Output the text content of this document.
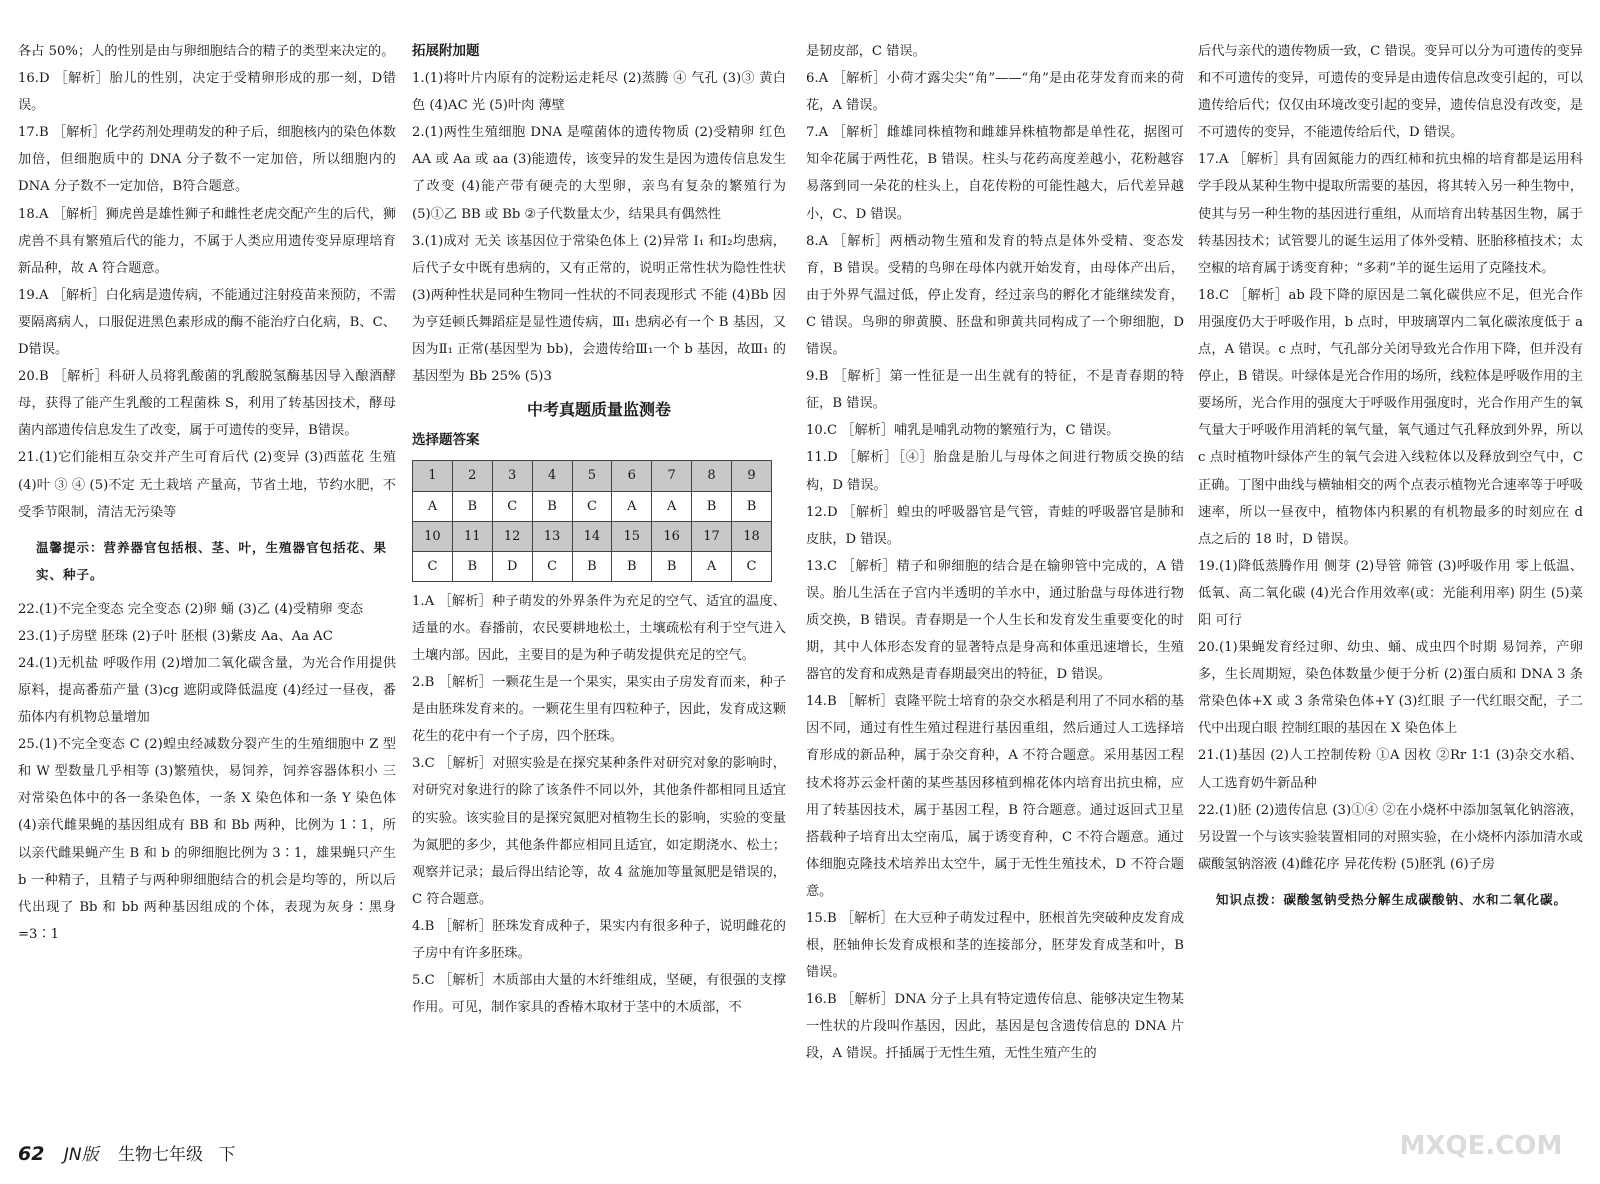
各占 50%；人的性别是由与卵细胞结合的精子的类型来决定的。

16.D ［解析］胎儿的性别，决定于受精卵形成的那一刻，D错误。

17.B ［解析］化学药剂处理萌发的种子后，细胞核内的染色体数加倍，但细胞质中的 DNA 分子数不一定加倍，所以细胞内的 DNA 分子数不一定加倍，B符合题意。

18.A ［解析］狮虎兽是雄性狮子和雌性老虎交配产生的后代，狮虎兽不具有繁殖后代的能力，不属于人类应用遗传变异原理培育新品种，故 A 符合题意。

19.A ［解析］白化病是遗传病，不能通过注射疫苗来预防，不需要隔离病人，口服促进黑色素形成的酶不能治疗白化病，B、C、D错误。

20.B ［解析］科研人员将乳酸菌的乳酸脱氢酶基因导入酿酒酵母，获得了能产生乳酸的工程菌株 S，利用了转基因技术，酵母菌内部遗传信息发生了改变，属于可遗传的变异，B错误。

21.(1)它们能相互杂交并产生可育后代 (2)变异 (3)西蓝花 生殖 (4)叶 ③ ④ (5)不定 无土栽培 产量高，节省土地，节约水肥，不受季节限制，清洁无污染等

温馨提示：营养器官包括根、茎、叶，生殖器官包括花、果实、种子。

22.(1)不完全变态 完全变态 (2)卵 蛹 (3)乙 (4)受精卵 变态

23.(1)子房壁 胚珠 (2)子叶 胚根 (3)紫皮 Aa、Aa AC

24.(1)无机盐 呼吸作用 (2)增加二氧化碳含量，为光合作用提供原料，提高番茄产量 (3)cg 遮阴或降低温度 (4)经过一昼夜，番茄体内有机物总量增加

25.(1)不完全变态 C (2)蝗虫经减数分裂产生的生殖细胞中 Z 型和 W 型数量几乎相等 (3)繁殖快，易饲养，饲养容器体积小 三对常染色体中的各一条染色体，一条 X 染色体和一条 Y 染色体 (4)亲代雌果蝇的基因组成有 BB 和 Bb 两种，比例为 1∶1，所以亲代雌果蝇产生 B 和 b 的卵细胞比例为 3∶1，雄果蝇只产生 b 一种精子，且精子与两种卵细胞结合的机会是均等的，所以后代出现了 Bb 和 bb 两种基因组成的个体，表现为灰身∶黑身=3∶1

拓展附加题

1.(1)将叶片内原有的淀粉运走耗尽 (2)蒸腾 ④ 气孔 (3)③ 黄白色 (4)AC 光 (5)叶肉 薄壁

2.(1)两性生殖细胞 DNA 是噬菌体的遗传物质 (2)受精卵 红色 AA 或 Aa 或 aa (3)能遗传，该变异的发生是因为遗传信息发生了改变 (4)能产带有硬壳的大型卵，亲鸟有复杂的繁殖行为 (5)①乙 BB 或 Bb ②子代数量太少，结果具有偶然性

3.(1)成对 无关 该基因位于常染色体上 (2)异常 Ⅰ₁ 和Ⅰ₂均患病，后代子女中既有患病的，又有正常的，说明正常性状为隐性性状 (3)两种性状是同种生物同一性状的不同表现形式 不能 (4)Bb 因为亨廷顿氏舞蹈症是显性遗传病，Ⅲ₁ 患病必有一个 B 基因，又因为Ⅱ₁ 正常(基因型为 bb)，会遗传给Ⅲ₁一个 b 基因，故Ⅲ₁ 的基因型为 Bb 25% (5)3

中考真题质量监测卷

选择题答案

1	2	3	4	5	6	7	8	9
A	B	C	B	C	A	A	B	B
10	11	12	13	14	15	16	17	18
C	B	D	C	B	B	B	A	C

1.A ［解析］种子萌发的外界条件为充足的空气、适宜的温度、适量的水。春播前，农民要耕地松土，土壤疏松有利于空气进入土壤内部。因此，主要目的是为种子萌发提供充足的空气。

2.B ［解析］一颗花生是一个果实，果实由子房发育而来，种子是由胚珠发育来的。一颗花生里有四粒种子，因此，发育成这颗花生的花中有一个子房，四个胚珠。

3.C ［解析］对照实验是在探究某种条件对研究对象的影响时，对研究对象进行的除了该条件不同以外，其他条件都相同且适宜的实验。该实验目的是探究氮肥对植物生长的影响，实验的变量为氮肥的多少，其他条件都应相同且适宜，如定期浇水、松土；观察并记录；最后得出结论等，故 4 盆施加等量氮肥是错误的，C 符合题意。

4.B ［解析］胚珠发育成种子，果实内有很多种子，说明雌花的子房中有许多胚珠。

5.C ［解析］木质部由大量的木纤维组成，坚硬，有很强的支撑作用。可见，制作家具的香椿木取材于茎中的木质部，不

是韧皮部，C 错误。

6.A ［解析］小荷才露尖尖“角”——“角”是由花芽发育而来的荷花，A 错误。

7.A ［解析］雌雄同株植物和雌雄异株植物都是单性花，据图可知伞花属于两性花，B 错误。柱头与花药高度差越小，花粉越容易落到同一朵花的柱头上，自花传粉的可能性越大，后代差异越小，C、D 错误。

8.A ［解析］两栖动物生殖和发育的特点是体外受精、变态发育，B 错误。受精的鸟卵在母体内就开始发育，由母体产出后，由于外界气温过低，停止发育，经过亲鸟的孵化才能继续发育，C 错误。鸟卵的卵黄膜、胚盘和卵黄共同构成了一个卵细胞，D 错误。

9.B ［解析］第一性征是一出生就有的特征，不是青春期的特征，B 错误。

10.C ［解析］哺乳是哺乳动物的繁殖行为，C 错误。

11.D ［解析］［④］胎盘是胎儿与母体之间进行物质交换的结构，D 错误。

12.D ［解析］蝗虫的呼吸器官是气管，青蛙的呼吸器官是肺和皮肤，D 错误。

13.C ［解析］精子和卵细胞的结合是在输卵管中完成的，A 错误。胎儿生活在子宫内半透明的羊水中，通过胎盘与母体进行物质交换，B 错误。青春期是一个人生长和发育发生重要变化的时期，其中人体形态发育的显著特点是身高和体重迅速增长，生殖器官的发育和成熟是青春期最突出的特征，D 错误。

14.B ［解析］袁隆平院士培育的杂交水稻是利用了不同水稻的基因不同，通过有性生殖过程进行基因重组，然后通过人工选择培育形成的新品种，属于杂交育种，A 不符合题意。采用基因工程技术将苏云金杆菌的某些基因移植到棉花体内培育出抗虫棉，应用了转基因技术，属于基因工程，B 符合题意。通过返回式卫星搭载种子培育出太空南瓜，属于诱变育种，C 不符合题意。通过体细胞克隆技术培养出太空牛，属于无性生殖技术，D 不符合题意。

15.B ［解析］在大豆种子萌发过程中，胚根首先突破种皮发育成根，胚轴伸长发育成根和茎的连接部分，胚芽发育成茎和叶，B 错误。

16.B ［解析］DNA 分子上具有特定遗传信息、能够决定生物某一性状的片段叫作基因，因此，基因是包含遗传信息的 DNA 片段，A 错误。扦插属于无性生殖，无性生殖产生的

后代与亲代的遗传物质一致，C 错误。变异可以分为可遗传的变异和不可遗传的变异，可遗传的变异是由遗传信息改变引起的，可以遗传给后代；仅仅由环境改变引起的变异，遗传信息没有改变，是不可遗传的变异，不能遗传给后代，D 错误。

17.A ［解析］具有固氮能力的西红柿和抗虫棉的培育都是运用科学手段从某种生物中提取所需要的基因，将其转入另一种生物中，使其与另一种生物的基因进行重组，从而培育出转基因生物，属于转基因技术；试管婴儿的诞生运用了体外受精、胚胎移植技术；太空椒的培育属于诱变育种；“多莉”羊的诞生运用了克隆技术。

18.C ［解析］ab 段下降的原因是二氧化碳供应不足，但光合作用强度仍大于呼吸作用，b 点时，甲玻璃罩内二氧化碳浓度低于 a 点，A 错误。c 点时，气孔部分关闭导致光合作用下降，但并没有停止，B 错误。叶绿体是光合作用的场所，线粒体是呼吸作用的主要场所，光合作用的强度大于呼吸作用强度时，光合作用产生的氧气量大于呼吸作用消耗的氧气量，氧气通过气孔释放到外界，所以 c 点时植物叶绿体产生的氧气会进入线粒体以及释放到空气中，C 正确。丁图中曲线与横轴相交的两个点表示植物光合速率等于呼吸速率，所以一昼夜中，植物体内积累的有机物最多的时刻应在 d 点之后的 18 时，D 错误。

19.(1)降低蒸腾作用 侧芽 (2)导管 筛管 (3)呼吸作用 零上低温、低氧、高二氧化碳 (4)光合作用效率(或：光能利用率) 阴生 (5)菜阳 可行

20.(1)果蝇发育经过卵、幼虫、蛹、成虫四个时期 易饲养，产卵多，生长周期短，染色体数量少便于分析 (2)蛋白质和 DNA 3 条常染色体+X 或 3 条常染色体+Y (3)红眼 子一代红眼交配，子二代中出现白眼 控制红眼的基因在 X 染色体上

21.(1)基因 (2)人工控制传粉 ①A 因枚 ②Rr 1∶1 (3)杂交水稻、人工选育奶牛新品种

22.(1)胚 (2)遗传信息 (3)①④ ②在小烧杯中添加氢氧化钠溶液，另设置一个与该实验装置相同的对照实验，在小烧杯内添加清水或碳酸氢钠溶液 (4)雌花序 异花传粉 (5)胚乳 (6)子房

知识点拨：碳酸氢钠受热分解生成碳酸钠、水和二氧化碳。

62 JN版 生物七年级 下	MXQE.COM
